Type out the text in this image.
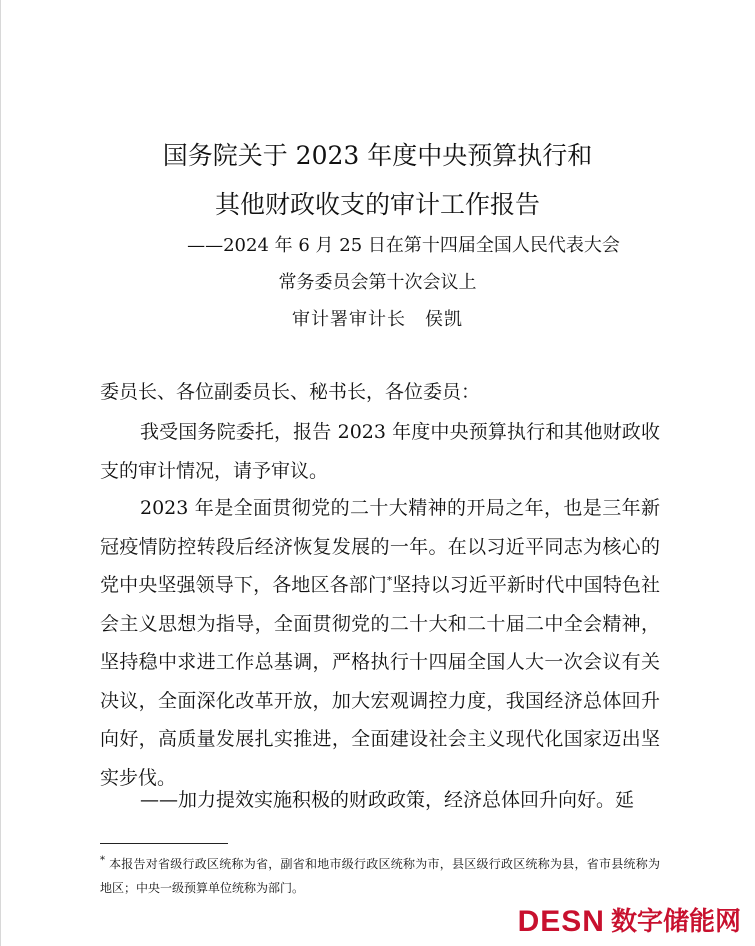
国务院关于 2023 年度中央预算执行和
其他财政收支的审计工作报告

——2024 年 6 月 25 日在第十四届全国人民代表大会

常务委员会第十次会议上

审计署审计长　侯凯

委员长、各位副委员长、秘书长，各位委员：

我受国务院委托，报告 2023 年度中央预算执行和其他财政收支的审计情况，请予审议。

2023 年是全面贯彻党的二十大精神的开局之年，也是三年新冠疫情防控转段后经济恢复发展的一年。在以习近平同志为核心的党中央坚强领导下，各地区各部门*坚持以习近平新时代中国特色社会主义思想为指导，全面贯彻党的二十大和二十届二中全会精神，坚持稳中求进工作总基调，严格执行十四届全国人大一次会议有关决议，全面深化改革开放，加大宏观调控力度，我国经济总体回升向好，高质量发展扎实推进，全面建设社会主义现代化国家迈出坚实步伐。

——加力提效实施积极的财政政策，经济总体回升向好。延

* 本报告对省级行政区统称为省，副省和地市级行政区统称为市，县区级行政区统称为县，省市县统称为地区；中央一级预算单位统称为部门。

DESN 数字储能网
